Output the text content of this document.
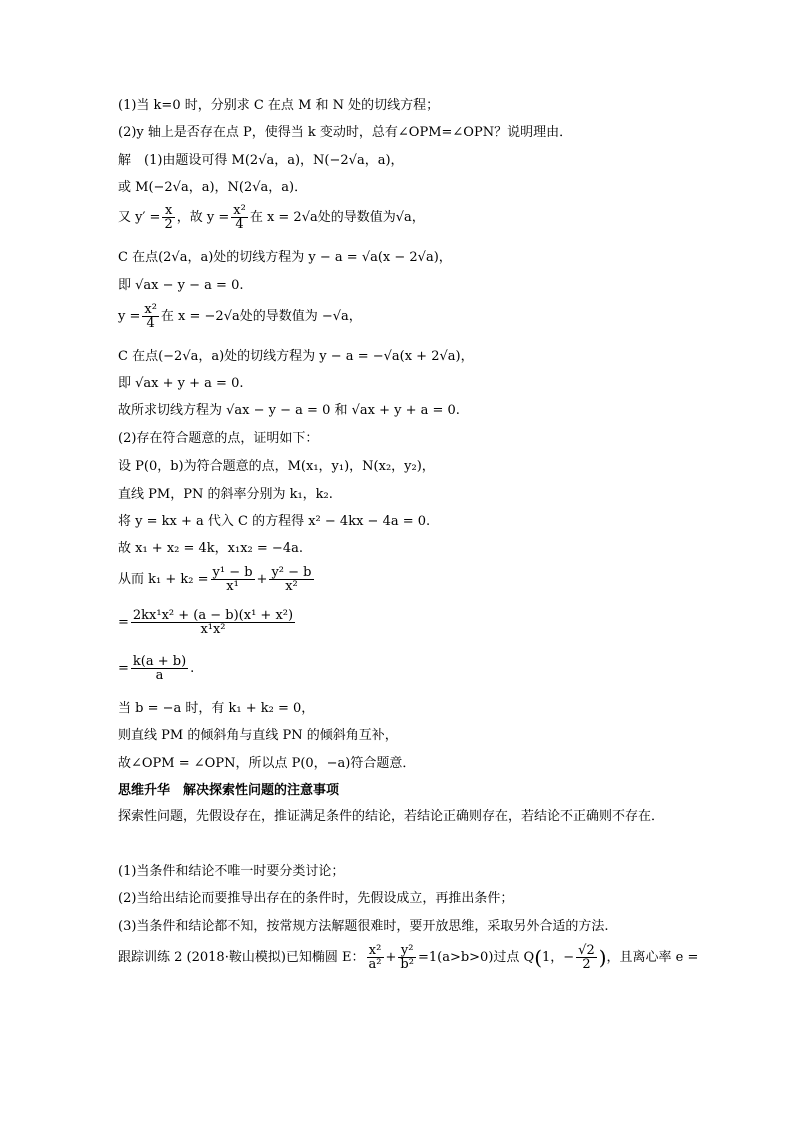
(1)当 k=0 时，分别求 C 在点 M 和 N 处的切线方程；
(2)y 轴上是否存在点 P，使得当 k 变动时，总有∠OPM=∠OPN？说明理由．
解　(1)由题设可得 M(2√a，a)，N(−2√a，a)，
或 M(−2√a，a)，N(2√a，a)．
又 $y' = \frac{x}{2}$ ，故 $y = \frac{\text{x²}}{4}$ 在 x = 2√a处的导数值为√a，
C 在点(2√a，a)处的切线方程为 y − a = √a(x − 2√a)，
即 √ax − y − a = 0.
$y = \frac{\text{x²}}{4}$ 在 x = −2√a处的导数值为 −√a，
C 在点(−2√a，a)处的切线方程为 y − a = −√a(x + 2√a)，
即 √ax + y + a = 0.
故所求切线方程为 √ax − y − a = 0 和 √ax + y + a = 0.
(2)存在符合题意的点，证明如下：
设 P(0，b)为符合题意的点，M(x₁，y₁)，N(x₂，y₂)，
直线 PM，PN 的斜率分别为 k₁，k₂.
将 y = kx + a 代入 C 的方程得 x² − 4kx − 4a = 0.
故 x₁ + x₂ = 4k，x₁x₂ = −4a.
从而 $k_1 + k_2 = \frac{\text{y¹ − b}}{\text{x¹}} + \frac{\text{y² − b}}{\text{x²}}$
= $\frac{\text{2kx¹x² + (a − b)(x¹ + x²)}}{\text{x¹x²}}$
= $\frac{k(a + b)}{a}$ .
当 b = −a 时，有 k₁ + k₂ = 0，
则直线 PM 的倾斜角与直线 PN 的倾斜角互补，
故∠OPM = ∠OPN，所以点 P(0，−a)符合题意．
思维升华　解决探索性问题的注意事项
探索性问题，先假设存在，推证满足条件的结论，若结论正确则存在，若结论不正确则不存在．
(1)当条件和结论不唯一时要分类讨论；
(2)当给出结论而要推导出存在的条件时，先假设成立，再推出条件；
(3)当条件和结论都不知，按常规方法解题很难时，要开放思维，采取另外合适的方法.
跟踪训练 2 (2018·鞍山模拟)已知椭圆 E： $\frac{\text{x²}}{\text{a²}} + \frac{\text{y²}}{\text{b²}} =1(a>b>0)$过点 Q(1，− $\frac{√2}{2}$ )，且离心率 e =
